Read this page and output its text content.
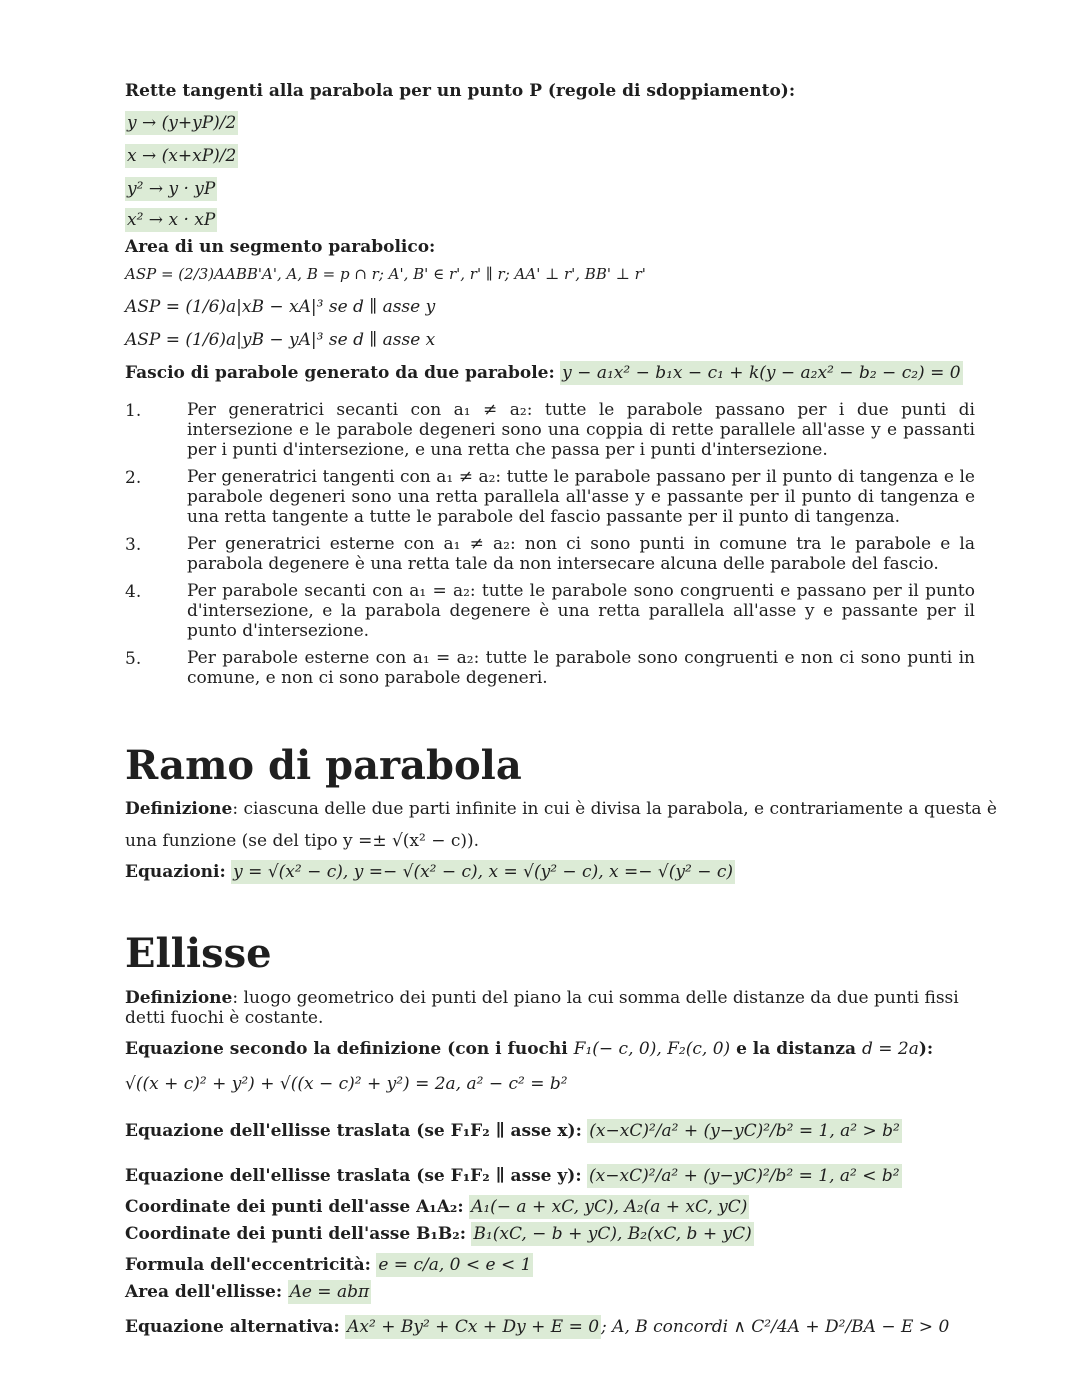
Rette tangenti alla parabola per un punto P (regole di sdoppiamento):
y → (y+yP)/2
x → (x+xP)/2
y² → y · yP
x² → x · xP
Area di un segmento parabolico:
ASP = (2/3)AABB'A', A, B = p ∩ r; A', B' ∈ r', r' ∥ r; AA' ⊥ r', BB' ⊥ r'
ASP = (1/6)a|xB − xA|³ se d ∥ asse y
ASP = (1/6)a|yB − yA|³ se d ∥ asse x
Fascio di parabole generato da due parabole: y − a₁x² − b₁x − c₁ + k(y − a₂x² − b₂ − c₂) = 0
1.	Per generatrici secanti con a₁ ≠ a₂: tutte le parabole passano per i due punti di intersezione e le parabole degeneri sono una coppia di rette parallele all'asse y e passanti per i punti d'intersezione, e una retta che passa per i punti d'intersezione.
2.	Per generatrici tangenti con a₁ ≠ a₂: tutte le parabole passano per il punto di tangenza e le parabole degeneri sono una retta parallela all'asse y e passante per il punto di tangenza e una retta tangente a tutte le parabole del fascio passante per il punto di tangenza.
3.	Per generatrici esterne con a₁ ≠ a₂: non ci sono punti in comune tra le parabole e la parabola degenere è una retta tale da non intersecare alcuna delle parabole del fascio.
4.	Per parabole secanti con a₁ = a₂: tutte le parabole sono congruenti e passano per il punto d'intersezione, e la parabola degenere è una retta parallela all'asse y e passante per il punto d'intersezione.
5.	Per parabole esterne con a₁ = a₂: tutte le parabole sono congruenti e non ci sono punti in comune, e non ci sono parabole degeneri.
Ramo di parabola
Definizione: ciascuna delle due parti infinite in cui è divisa la parabola, e contrariamente a questa è
una funzione (se del tipo y =± √(x² − c)).
Equazioni: y = √(x² − c), y =− √(x² − c), x = √(y² − c), x =− √(y² − c)
Ellisse
Definizione: luogo geometrico dei punti del piano la cui somma delle distanze da due punti fissi
detti fuochi è costante.
Equazione secondo la definizione (con i fuochi F₁(− c, 0), F₂(c, 0) e la distanza d = 2a):
√((x + c)² + y²) + √((x − c)² + y²) = 2a, a² − c² = b²
Equazione dell'ellisse traslata (se F₁F₂ ∥ asse x): (x−xC)²/a² + (y−yC)²/b² = 1, a² > b²
Equazione dell'ellisse traslata (se F₁F₂ ∥ asse y): (x−xC)²/a² + (y−yC)²/b² = 1, a² < b²
Coordinate dei punti dell'asse A₁A₂: A₁(− a + xC, yC), A₂(a + xC, yC)
Coordinate dei punti dell'asse B₁B₂: B₁(xC, − b + yC), B₂(xC, b + yC)
Formula dell'eccentricità: e = c/a, 0 < e < 1
Area dell'ellisse: Ae = abπ
Equazione alternativa: Ax² + By² + Cx + Dy + E = 0 ; A, B concordi ∧ C²/4A + D²/BA − E > 0
